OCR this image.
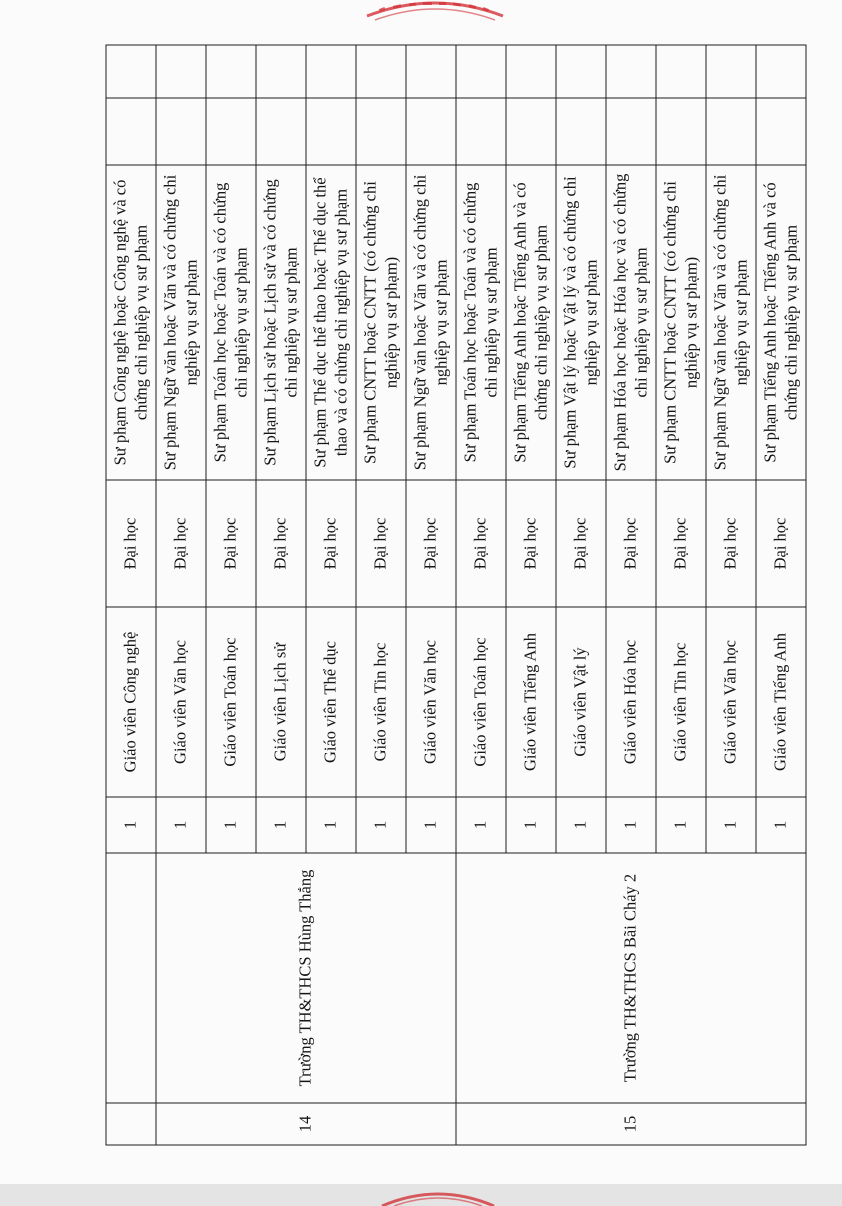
		1	Giáo viên Công nghệ	Đại học	Sư phạm Công nghệ hoặc Công nghệ và có chứng chỉ nghiệp vụ sư phạm		
14	Trường TH&THCS Hùng Thắng	1	Giáo viên Văn học	Đại học	Sư phạm Ngữ văn hoặc Văn và có chứng chỉ nghiệp vụ sư phạm		
		1	Giáo viên Toán học	Đại học	Sư phạm Toán học hoặc Toán và có chứng chỉ nghiệp vụ sư phạm		
		1	Giáo viên Lịch sử	Đại học	Sư phạm Lịch sử hoặc Lịch sử và có chứng chỉ nghiệp vụ sư phạm		
		1	Giáo viên Thể dục	Đại học	Sư phạm Thể dục thể thao hoặc Thể dục thể thao và có chứng chỉ nghiệp vụ sư phạm		
		1	Giáo viên Tin học	Đại học	Sư phạm CNTT hoặc CNTT (có chứng chỉ nghiệp vụ sư phạm)		
		1	Giáo viên Văn học	Đại học	Sư phạm Ngữ văn hoặc Văn và có chứng chỉ nghiệp vụ sư phạm		
15	Trường TH&THCS Bãi Cháy 2	1	Giáo viên Toán học	Đại học	Sư phạm Toán học hoặc Toán và có chứng chỉ nghiệp vụ sư phạm		
		1	Giáo viên Tiếng Anh	Đại học	Sư phạm Tiếng Anh hoặc Tiếng Anh và có chứng chỉ nghiệp vụ sư phạm		
		1	Giáo viên Vật lý	Đại học	Sư phạm Vật lý hoặc Vật lý và có chứng chỉ nghiệp vụ sư phạm		
		1	Giáo viên Hóa học	Đại học	Sư phạm Hóa học hoặc Hóa học và có chứng chỉ nghiệp vụ sư phạm		
		1	Giáo viên Tin học	Đại học	Sư phạm CNTT hoặc CNTT (có chứng chỉ nghiệp vụ sư phạm)		
		1	Giáo viên Văn học	Đại học	Sư phạm Ngữ văn hoặc Văn và có chứng chỉ nghiệp vụ sư phạm		
		1	Giáo viên Tiếng Anh	Đại học	Sư phạm Tiếng Anh hoặc Tiếng Anh và có chứng chỉ nghiệp vụ sư phạm		
